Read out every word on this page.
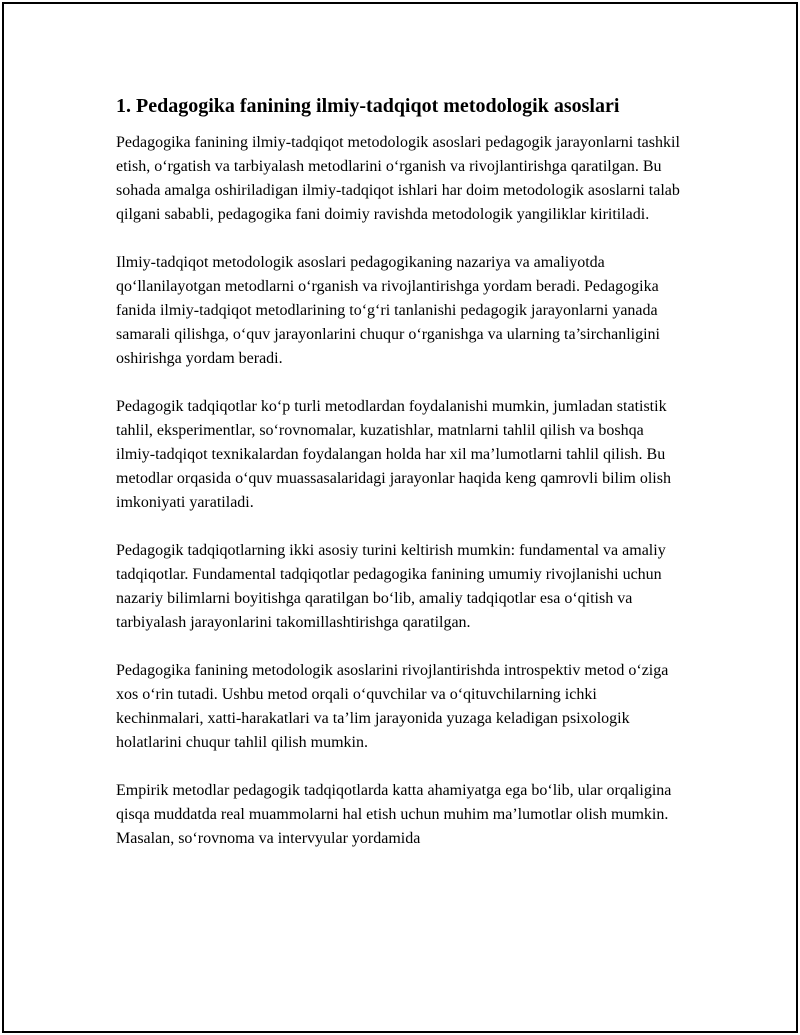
1. Pedagogika fanining ilmiy-tadqiqot metodologik asoslari

Pedagogika fanining ilmiy-tadqiqot metodologik asoslari pedagogik jarayonlarni tashkil etish, o‘rgatish va tarbiyalash metodlarini o‘rganish va rivojlantirishga qaratilgan. Bu sohada amalga oshiriladigan ilmiy-tadqiqot ishlari har doim metodologik asoslarni talab qilgani sababli, pedagogika fani doimiy ravishda metodologik yangiliklar kiritiladi.

Ilmiy-tadqiqot metodologik asoslari pedagogikaning nazariya va amaliyotda qo‘llanilayotgan metodlarni o‘rganish va rivojlantirishga yordam beradi. Pedagogika fanida ilmiy-tadqiqot metodlarining to‘g‘ri tanlanishi pedagogik jarayonlarni yanada samarali qilishga, o‘quv jarayonlarini chuqur o‘rganishga va ularning ta’sirchanligini oshirishga yordam beradi.

Pedagogik tadqiqotlar ko‘p turli metodlardan foydalanishi mumkin, jumladan statistik tahlil, eksperimentlar, so‘rovnomalar, kuzatishlar, matnlarni tahlil qilish va boshqa ilmiy-tadqiqot texnikalardan foydalangan holda har xil ma’lumotlarni tahlil qilish. Bu metodlar orqasida o‘quv muassasalaridagi jarayonlar haqida keng qamrovli bilim olish imkoniyati yaratiladi.

Pedagogik tadqiqotlarning ikki asosiy turini keltirish mumkin: fundamental va amaliy tadqiqotlar. Fundamental tadqiqotlar pedagogika fanining umumiy rivojlanishi uchun nazariy bilimlarni boyitishga qaratilgan bo‘lib, amaliy tadqiqotlar esa o‘qitish va tarbiyalash jarayonlarini takomillashtirishga qaratilgan.

Pedagogika fanining metodologik asoslarini rivojlantirishda introspektiv metod o‘ziga xos o‘rin tutadi. Ushbu metod orqali o‘quvchilar va o‘qituvchilarning ichki kechinmalari, xatti-harakatlari va ta’lim jarayonida yuzaga keladigan psixologik holatlarini chuqur tahlil qilish mumkin.

Empirik metodlar pedagogik tadqiqotlarda katta ahamiyatga ega bo‘lib, ular orqaligina qisqa muddatda real muammolarni hal etish uchun muhim ma’lumotlar olish mumkin. Masalan, so‘rovnoma va intervyular yordamida
